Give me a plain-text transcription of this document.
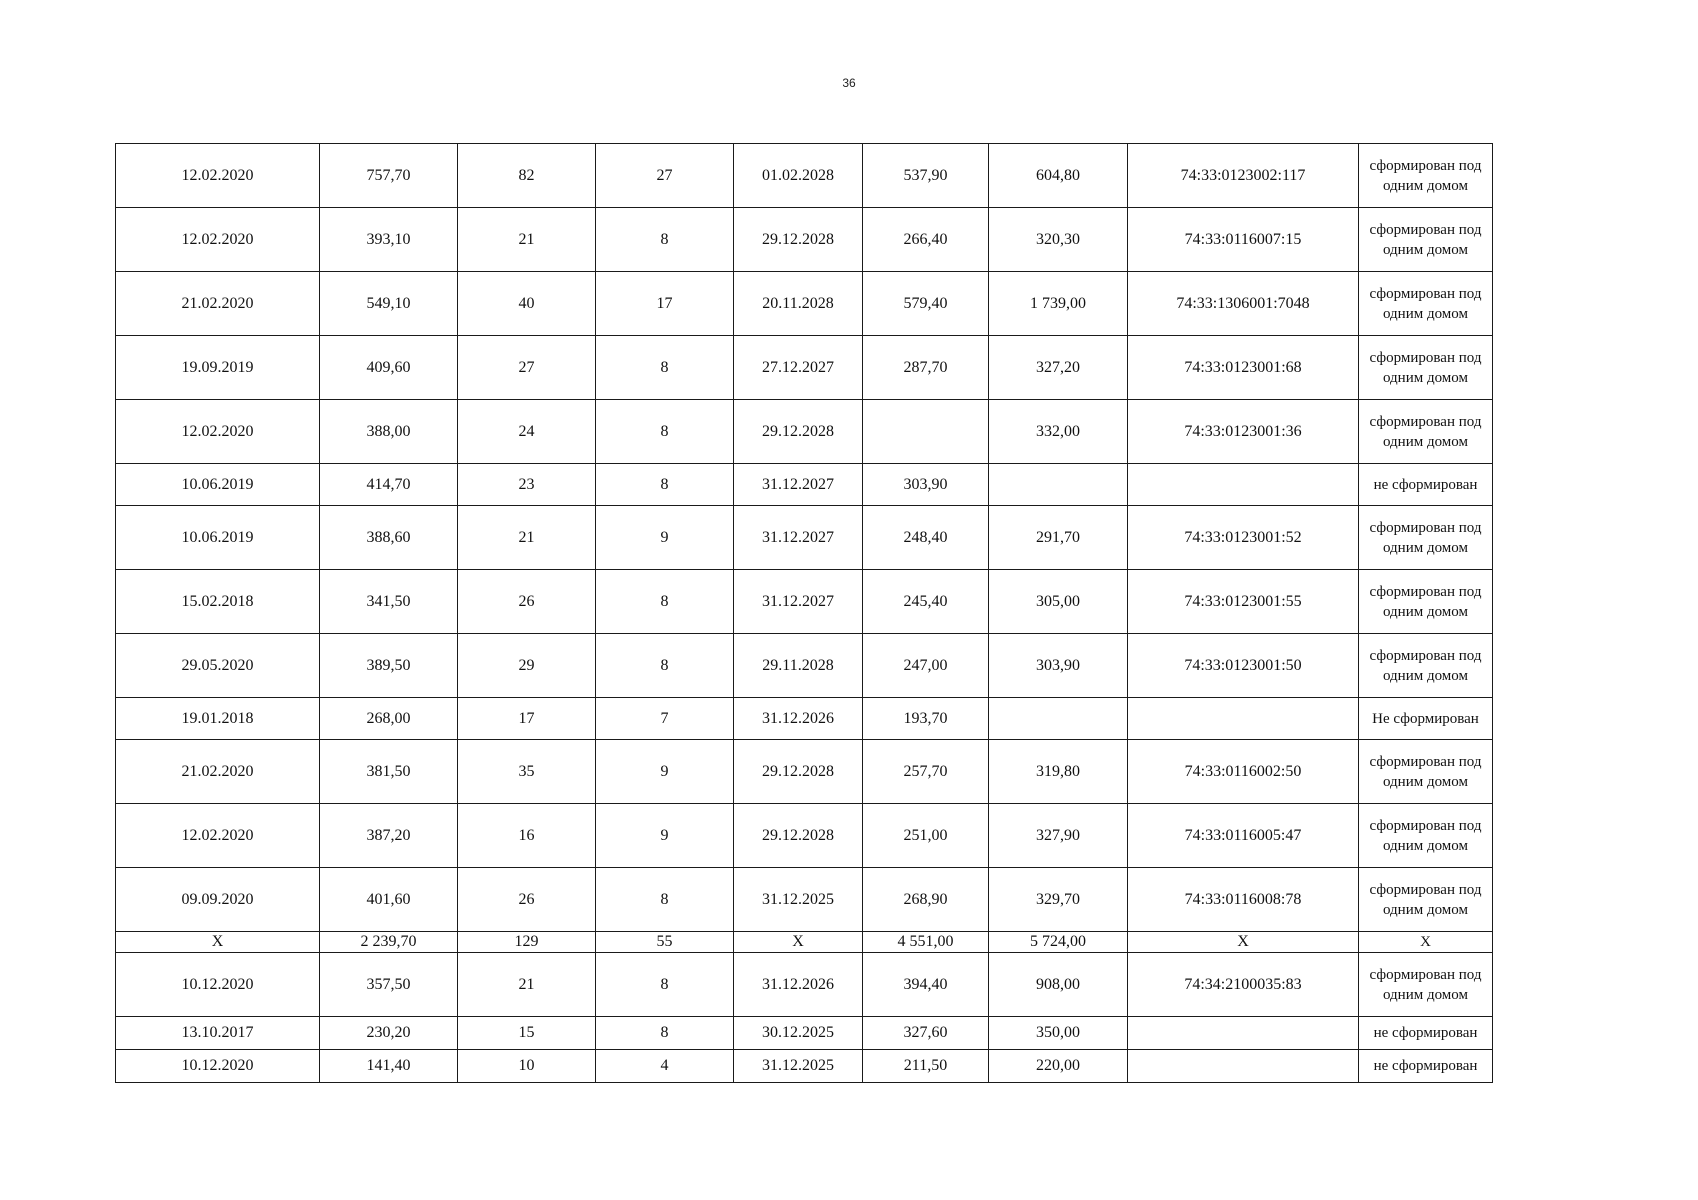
36
12.02.2020	757,70	82	27	01.02.2028	537,90	604,80	74:33:0123002:117	сформирован под одним домом
12.02.2020	393,10	21	8	29.12.2028	266,40	320,30	74:33:0116007:15	сформирован под одним домом
21.02.2020	549,10	40	17	20.11.2028	579,40	1 739,00	74:33:1306001:7048	сформирован под одним домом
19.09.2019	409,60	27	8	27.12.2027	287,70	327,20	74:33:0123001:68	сформирован под одним домом
12.02.2020	388,00	24	8	29.12.2028		332,00	74:33:0123001:36	сформирован под одним домом
10.06.2019	414,70	23	8	31.12.2027	303,90			не сформирован
10.06.2019	388,60	21	9	31.12.2027	248,40	291,70	74:33:0123001:52	сформирован под одним домом
15.02.2018	341,50	26	8	31.12.2027	245,40	305,00	74:33:0123001:55	сформирован под одним домом
29.05.2020	389,50	29	8	29.11.2028	247,00	303,90	74:33:0123001:50	сформирован под одним домом
19.01.2018	268,00	17	7	31.12.2026	193,70			Не сформирован
21.02.2020	381,50	35	9	29.12.2028	257,70	319,80	74:33:0116002:50	сформирован под одним домом
12.02.2020	387,20	16	9	29.12.2028	251,00	327,90	74:33:0116005:47	сформирован под одним домом
09.09.2020	401,60	26	8	31.12.2025	268,90	329,70	74:33:0116008:78	сформирован под одним домом
X	2 239,70	129	55	X	4 551,00	5 724,00	X	X
10.12.2020	357,50	21	8	31.12.2026	394,40	908,00	74:34:2100035:83	сформирован под одним домом
13.10.2017	230,20	15	8	30.12.2025	327,60	350,00		не сформирован
10.12.2020	141,40	10	4	31.12.2025	211,50	220,00		не сформирован
